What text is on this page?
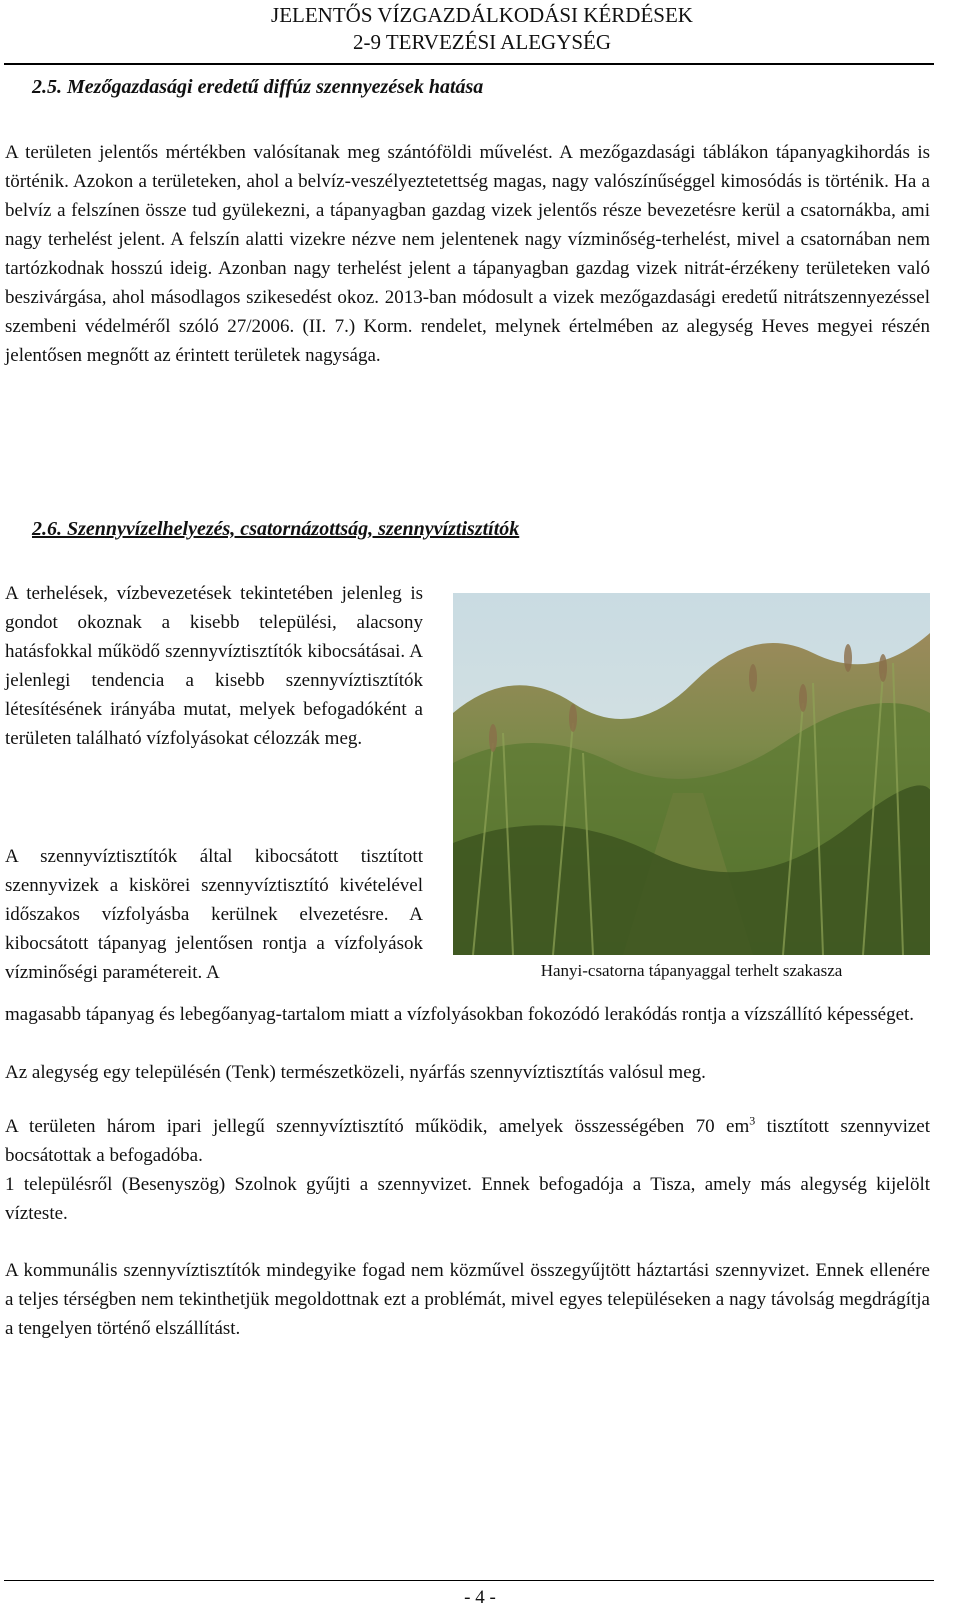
JELENTŐS VÍZGAZDÁLKODÁSI KÉRDÉSEK
2-9 TERVEZÉSI ALEGYSÉG
2.5. Mezőgazdasági eredetű diffúz szennyezések hatása

A területen jelentős mértékben valósítanak meg szántóföldi művelést. A mezőgazdasági táblákon tápanyagkihordás is történik. Azokon a területeken, ahol a belvíz-veszélyeztetettség magas, nagy valószínűséggel kimosódás is történik. Ha a belvíz a felszínen össze tud gyülekezni, a tápanyagban gazdag vizek jelentős része bevezetésre kerül a csatornákba, ami nagy terhelést jelent. A felszín alatti vizekre nézve nem jelentenek nagy vízminőség-terhelést, mivel a csatornában nem tartózkodnak hosszú ideig. Azonban nagy terhelést jelent a tápanyagban gazdag vizek nitrát-érzékeny területeken való beszivárgása, ahol másodlagos szikesedést okoz. 2013-ban módosult a vizek mezőgazdasági eredetű nitrátszennyezéssel szembeni védelméről szóló 27/2006. (II. 7.) Korm. rendelet, melynek értelmében az alegység Heves megyei részén jelentősen megnőtt az érintett területek nagysága.

2.6. Szennyvízelhelyezés, csatornázottság, szennyvíztisztítók

A terhelések, vízbevezetések tekintetében jelenleg is gondot okoznak a kisebb települési, alacsony hatásfokkal működő szennyvíztisztítók kibocsátásai. A jelenlegi tendencia a kisebb szennyvíztisztítók létesítésének irányába mutat, melyek befogadóként a területen található vízfolyásokat célozzák meg.

A szennyvíztisztítók által kibocsátott tisztított szennyvizek a kiskörei szennyvíztisztító kivételével időszakos vízfolyásba kerülnek elvezetésre. A kibocsátott tápanyag jelentősen rontja a vízfolyások vízminőségi paramétereit. A	Hanyi-csatorna tápanyaggal terhelt szakasza

magasabb tápanyag és lebegőanyag-tartalom miatt a vízfolyásokban fokozódó lerakódás rontja a vízszállító képességet.

Az alegység egy településén (Tenk) természetközeli, nyárfás szennyvíztisztítás valósul meg.

A területen három ipari jellegű szennyvíztisztító működik, amelyek összességében 70 $em^3$ tisztított szennyvizet bocsátottak a befogadóba.

1 településről (Besenyszög) Szolnok gyűjti a szennyvizet. Ennek befogadója a Tisza, amely más alegység kijelölt vízteste.

A kommunális szennyvíztisztítók mindegyike fogad nem közművel összegyűjtött háztartási szennyvizet. Ennek ellenére a teljes térségben nem tekinthetjük megoldottnak ezt a problémát, mivel egyes településeken a nagy távolság megdrágítja a tengelyen történő elszállítást.

- 4 -
